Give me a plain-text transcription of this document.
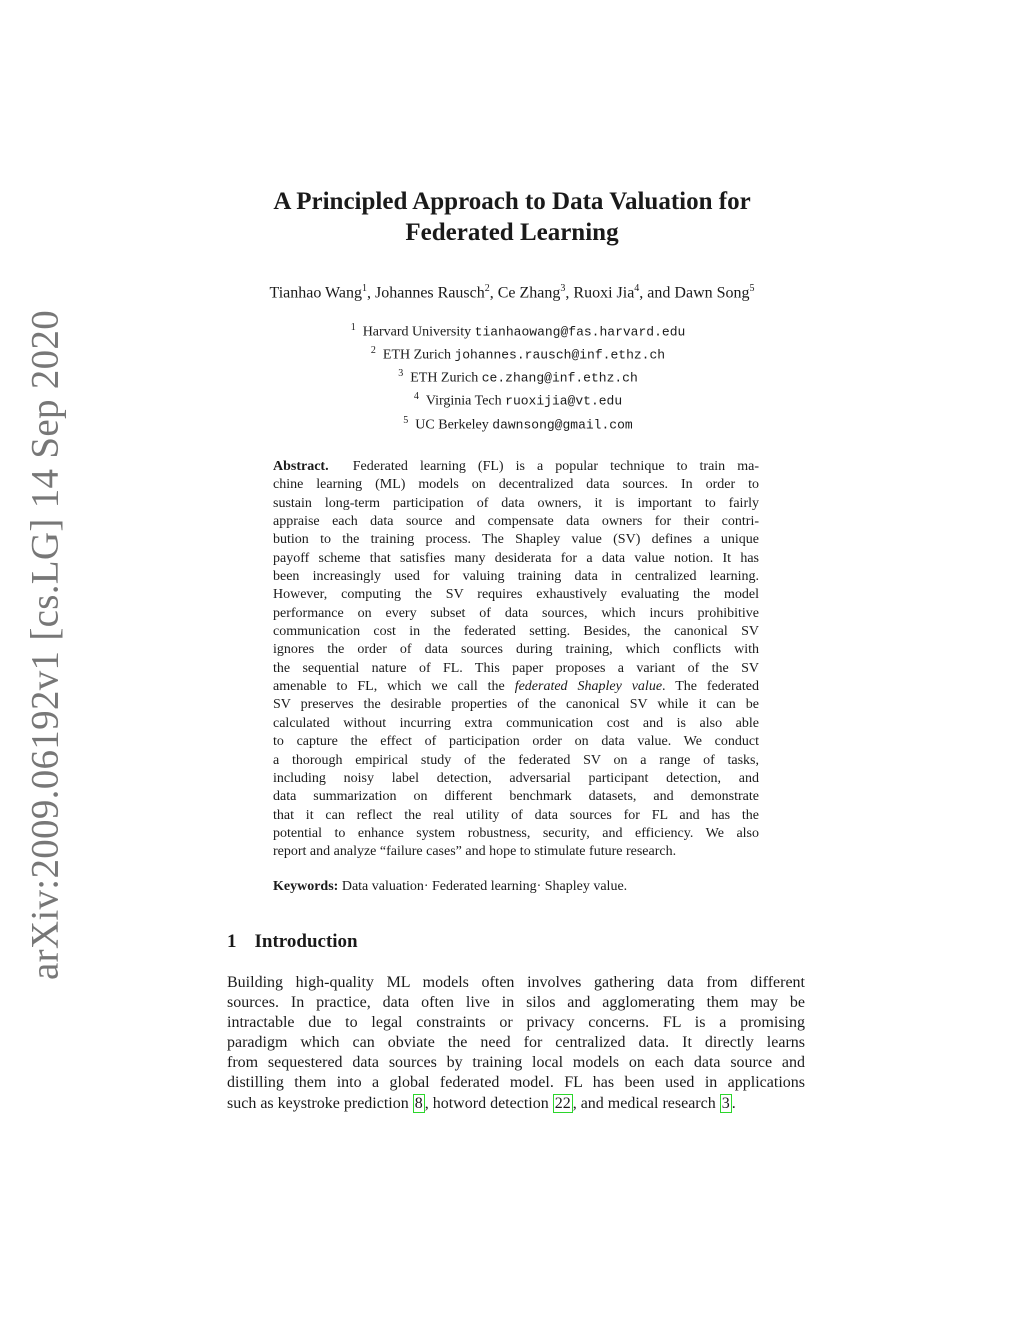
arXiv:2009.06192v1 [cs.LG] 14 Sep 2020
A Principled Approach to Data Valuation for
Federated Learning
Tianhao Wang$^1$, Johannes Rausch$^2$, Ce Zhang$^3$, Ruoxi Jia$^4$, and Dawn Song$^5$
$^1$ Harvard University tianhaowang@fas.harvard.edu
$^2$ ETH Zurich johannes.rausch@inf.ethz.ch
$^3$ ETH Zurich ce.zhang@inf.ethz.ch
$^4$ Virginia Tech ruoxijia@vt.edu
$^5$ UC Berkeley dawnsong@gmail.com
Abstract. Federated learning (FL) is a popular technique to train ma-
chine learning (ML) models on decentralized data sources. In order to
sustain long-term participation of data owners, it is important to fairly
appraise each data source and compensate data owners for their contri-
bution to the training process. The Shapley value (SV) defines a unique
payoff scheme that satisfies many desiderata for a data value notion. It has
been increasingly used for valuing training data in centralized learning.
However, computing the SV requires exhaustively evaluating the model
performance on every subset of data sources, which incurs prohibitive
communication cost in the federated setting. Besides, the canonical SV
ignores the order of data sources during training, which conflicts with
the sequential nature of FL. This paper proposes a variant of the SV
amenable to FL, which we call the federated Shapley value. The federated
SV preserves the desirable properties of the canonical SV while it can be
calculated without incurring extra communication cost and is also able
to capture the effect of participation order on data value. We conduct
a thorough empirical study of the federated SV on a range of tasks,
including noisy label detection, adversarial participant detection, and
data summarization on different benchmark datasets, and demonstrate
that it can reflect the real utility of data sources for FL and has the
potential to enhance system robustness, security, and efficiency. We also
report and analyze “failure cases” and hope to stimulate future research.
Keywords: Data valuation· Federated learning· Shapley value.
1 Introduction
Building high-quality ML models often involves gathering data from different
sources. In practice, data often live in silos and agglomerating them may be
intractable due to legal constraints or privacy concerns. FL is a promising
paradigm which can obviate the need for centralized data. It directly learns
from sequestered data sources by training local models on each data source and
distilling them into a global federated model. FL has been used in applications
such as keystroke prediction 8 , hotword detection 22 , and medical research 3 .
